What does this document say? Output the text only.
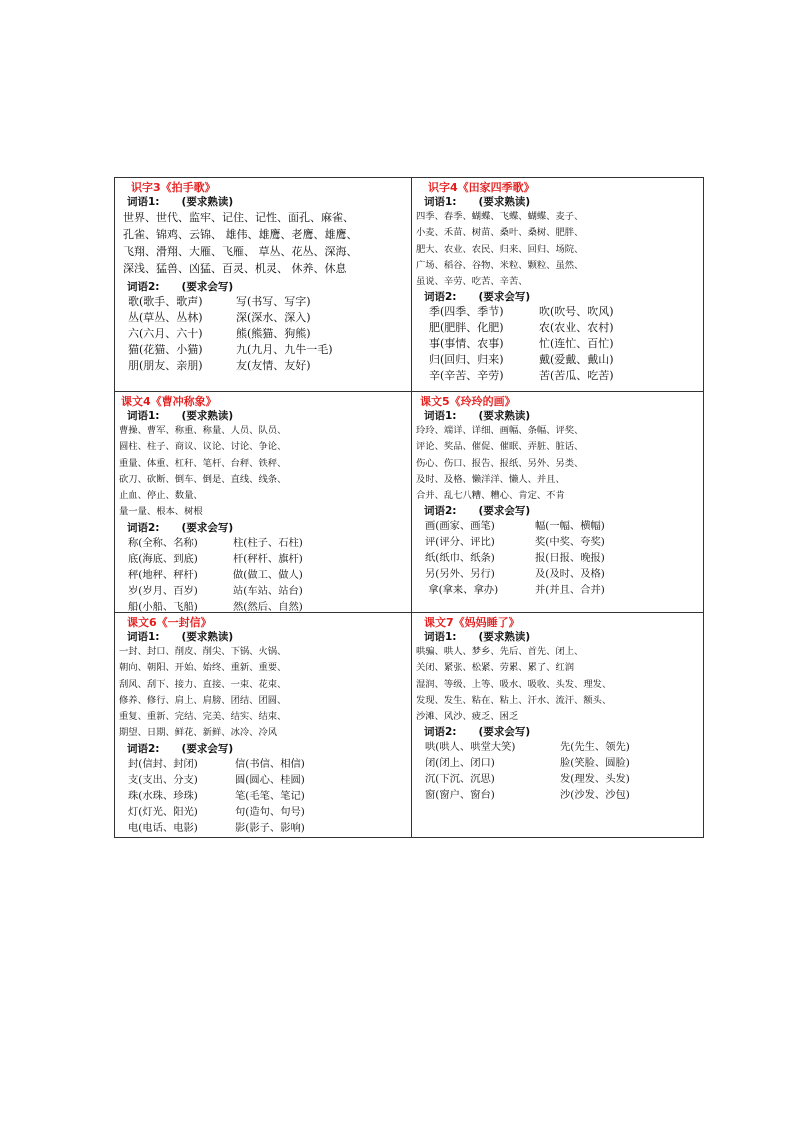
识字3《拍手歌》
词语1: (要求熟读)
世界、世代、监牢、记住、记性、面孔、麻雀、
孔雀、锦鸡、云锦、 雄伟、雄鹰、老鹰、雄鹰、
飞翔、滑翔、大雁、飞雁、 草丛、花丛、深海、
深浅、猛兽、凶猛、百灵、机灵、 休养、休息
词语2: (要求会写)
歌(歌手、歌声)	写(书写、写字)
丛(草丛、丛林)	深(深水、深入)
六(六月、六十)	熊(熊猫、狗熊)
猫(花猫、小猫)	九(九月、九牛一毛)
朋(朋友、亲朋)	友(友情、友好)
识字4《田家四季歌》
词语1: (要求熟读)
四季、春季、蝴蝶、飞蝶、蝴蝶、麦子、
小麦、禾苗、树苗、桑叶、桑树、肥胖、
肥大、农业、农民、归来、回归、场院、
广场、稻谷、谷物、米粒、颗粒、虽然、
虽说、辛劳、吃苦、辛苦、
词语2: (要求会写)
季(四季、季节)	吹(吹号、吹风)
肥(肥胖、化肥)	农(农业、农村)
事(事情、农事)	忙(连忙、百忙)
归(回归、归来)	戴(爱戴、戴山)
辛(辛苦、辛劳)	苦(苦瓜、吃苦)
课文4《曹冲称象》
词语1: (要求熟读)
曹操、曹军、称重、称量、人员、队员、
圆柱、柱子、商议、议论、讨论、争论、
重量、体重、杠秆、笔杆、台秤、铁秤、
砍刀、砍断、倒车、倒是、直线、线条、
止血、停止、数量、
量一量、根本、树根
词语2: (要求会写)
称(全称、名称)	柱(柱子、石柱)
底(海底、到底)	杆(秤杆、旗杆)
秤(地秤、秤杆)	做(做工、做人)
岁(岁月、百岁)	站(车站、站台)
船(小船、飞船)	然(然后、自然)
课文5《玲玲的画》
词语1: (要求熟读)
玲玲、端详、详细、画幅、条幅、评奖、
评论、奖品、催促、催眠、弄脏、脏话、
伤心、伤口、报告、报纸、另外、另类、
及时、及格、懒洋洋、懒人、并且、
合并、乱七八糟、糟心、肯定、不肯
词语2: (要求会写)
画(画家、画笔)	幅(一幅、横幅)
评(评分、评比)	奖(中奖、夸奖)
纸(纸巾、纸条)	报(日报、晚报)
另(另外、另行)	及(及时、及格)
拿(拿来、拿办)	并(并且、合并)
课文6《一封信》
词语1: (要求熟读)
一封、封口、削皮、削尖、下锅、火锅、
朝向、朝阳、开始、始终、重新、重要、
刮风、刮下、接力、直接、一束、花束、
修养、修行、肩上、肩膀、团结、团圆、
重复、重新、完结、完美、结实、结束、
期望、日期、鲜花、新鲜、冰冷、冷风
词语2: (要求会写)
封(信封、封闭)	信(书信、相信)
支(支出、分支)	圆(圆心、桂圆)
珠(水珠、珍珠)	笔(毛笔、笔记)
灯(灯光、阳光)	句(造句、句号)
电(电话、电影)	影(影子、影响)
课文7《妈妈睡了》
词语1: (要求熟读)
哄骗、哄人、梦乡、先后、首先、闭上、
关闭、紧张、松紧、劳累、累了、红润
湿润、等级、上等、吸水、吸收、头发、理发、
发现、发生、粘在、粘上、汗水、流汗、额头、
沙滩、风沙、疲乏、困乏
词语2: (要求会写)
哄(哄人、哄堂大笑)	先(先生、领先)
闭(闭上、闭口)	脸(笑脸、圆脸)
沉(下沉、沉思)	发(理发、头发)
窗(窗户、窗台)	沙(沙发、沙包)
